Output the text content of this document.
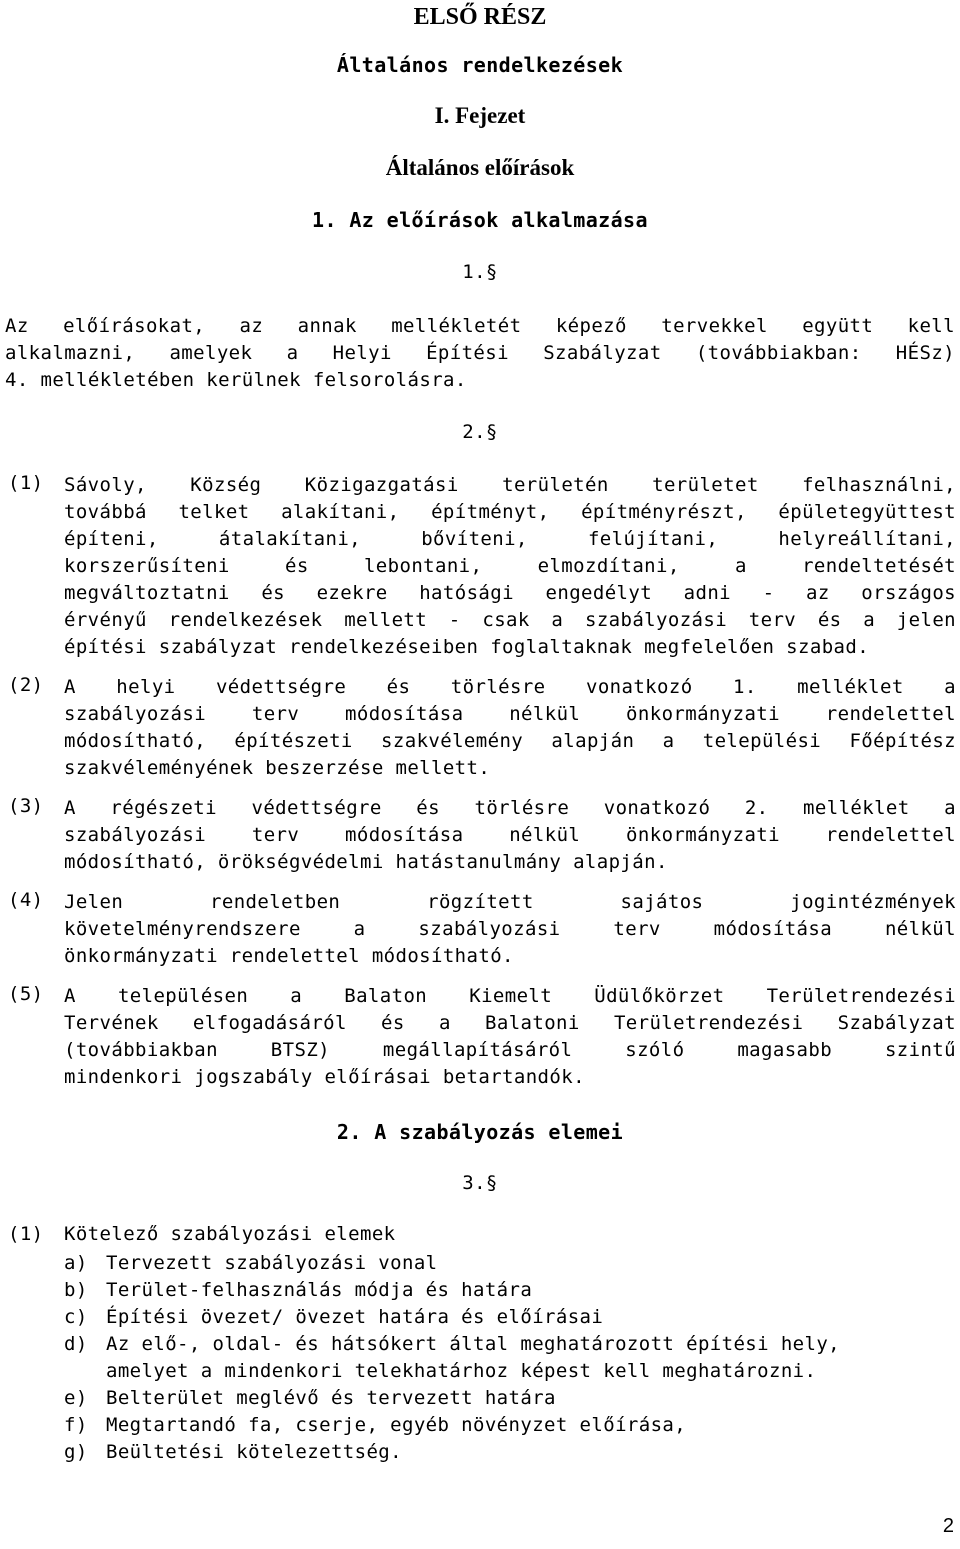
ELSŐ RÉSZ
Általános rendelkezések
I. Fejezet
Általános előírások
1. Az előírások alkalmazása
1.§
Az előírásokat, az annak mellékletét képező tervekkel együtt kell
alkalmazni, amelyek a Helyi Építési Szabályzat (továbbiakban: HÉSz)
4. mellékletében kerülnek felsorolásra.
2.§
(1) Sávoly, Község Közigazgatási területén területet felhasználni,
továbbá telket alakítani, építményt, építményrészt, épületegyüttest
építeni, átalakítani, bővíteni, felújítani, helyreállítani,
korszerűsíteni és lebontani, elmozdítani, a rendeltetését
megváltoztatni és ezekre hatósági engedélyt adni - az országos
érvényű rendelkezések mellett - csak a szabályozási terv és a jelen
építési szabályzat rendelkezéseiben foglaltaknak megfelelően szabad.
(2) A helyi védettségre és törlésre vonatkozó 1. melléklet a
szabályozási terv módosítása nélkül önkormányzati rendelettel
módosítható, építészeti szakvélemény alapján a települési Főépítész
szakvéleményének beszerzése mellett.
(3) A régészeti védettségre és törlésre vonatkozó 2. melléklet a
szabályozási terv módosítása nélkül önkormányzati rendelettel
módosítható, örökségvédelmi hatástanulmány alapján.
(4) Jelen rendeletben rögzített sajátos jogintézmények
követelményrendszere a szabályozási terv módosítása nélkül
önkormányzati rendelettel módosítható.
(5) A településen a Balaton Kiemelt Üdülőkörzet Területrendezési
Tervének elfogadásáról és a Balatoni Területrendezési Szabályzat
(továbbiakban BTSZ) megállapításáról szóló magasabb szintű
mindenkori jogszabály előírásai betartandók.
2. A szabályozás elemei
3.§
(1) Kötelező szabályozási elemek
a) Tervezett szabályozási vonal
b) Terület-felhasználás módja és határa
c) Építési övezet/ övezet határa és előírásai
d) Az elő-, oldal- és hátsókert által meghatározott építési hely,
amelyet a mindenkori telekhatárhoz képest kell meghatározni.
e) Belterület meglévő és tervezett határa
f) Megtartandó fa, cserje, egyéb növényzet előírása,
g) Beültetési kötelezettség.
2
